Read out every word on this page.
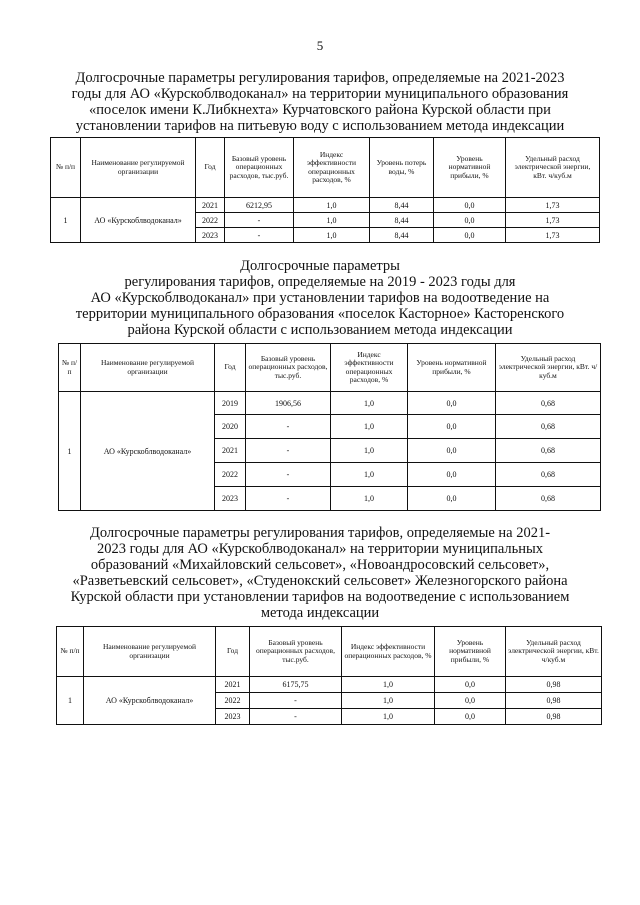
5
Долгосрочные параметры регулирования тарифов, определяемые на 2021-2023
годы для АО «Курскоблводоканал» на территории муниципального образования
«поселок имени К.Либкнехта» Курчатовского района Курской области при
установлении тарифов на питьевую воду с использованием метода индексации
№ п/п	Наименование регулируемой организации	Год	Базовый уровень операционных расходов, тыс.руб.	Индекс эффективности операционных расходов, %	Уровень потерь воды, %	Уровень нормативной прибыли, %	Удельный расход электрической энергии, кВт. ч/куб.м
1	АО «Курскоблводоканал»	2021	6212,95	1,0	8,44	0,0	1,73
		2022	-	1,0	8,44	0,0	1,73
		2023	-	1,0	8,44	0,0	1,73
Долгосрочные параметры
регулирования тарифов, определяемые на 2019 - 2023 годы для
АО «Курскоблводоканал» при установлении тарифов на водоотведение на
территории муниципального образования «поселок Касторное» Касторенского
района Курской области с использованием метода индексации
№ п/ п	Наименование регулируемой организации	Год	Базовый уровень операционных расходов, тыс.руб.	Индекс эффективности операционных расходов, %	Уровень нормативной прибыли, %	Удельный расход электрической энергии, кВт. ч/куб.м
1	АО «Курскоблводоканал»	2019	1906,56	1,0	0,0	0,68
		2020	-	1,0	0,0	0,68
		2021	-	1,0	0,0	0,68
		2022	-	1,0	0,0	0,68
		2023	-	1,0	0,0	0,68
Долгосрочные параметры регулирования тарифов, определяемые на 2021-
2023 годы для АО «Курскоблводоканал» на территории муниципальных
образований «Михайловский сельсовет», «Новоандросовский сельсовет»,
«Разветьевский сельсовет», «Студенокский сельсовет» Железногорского района
Курской области при установлении тарифов на водоотведение с использованием
метода индексации
№ п/п	Наименование регулируемой организации	Год	Базовый уровень операционных расходов, тыс.руб.	Индекс эффективности операционных расходов, %	Уровень нормативной прибыли, %	Удельный расход электрической энергии, кВт. ч/куб.м
1	АО «Курскоблводоканал»	2021	6175,75	1,0	0,0	0,98
		2022	-	1,0	0,0	0,98
		2023	-	1,0	0,0	0,98
